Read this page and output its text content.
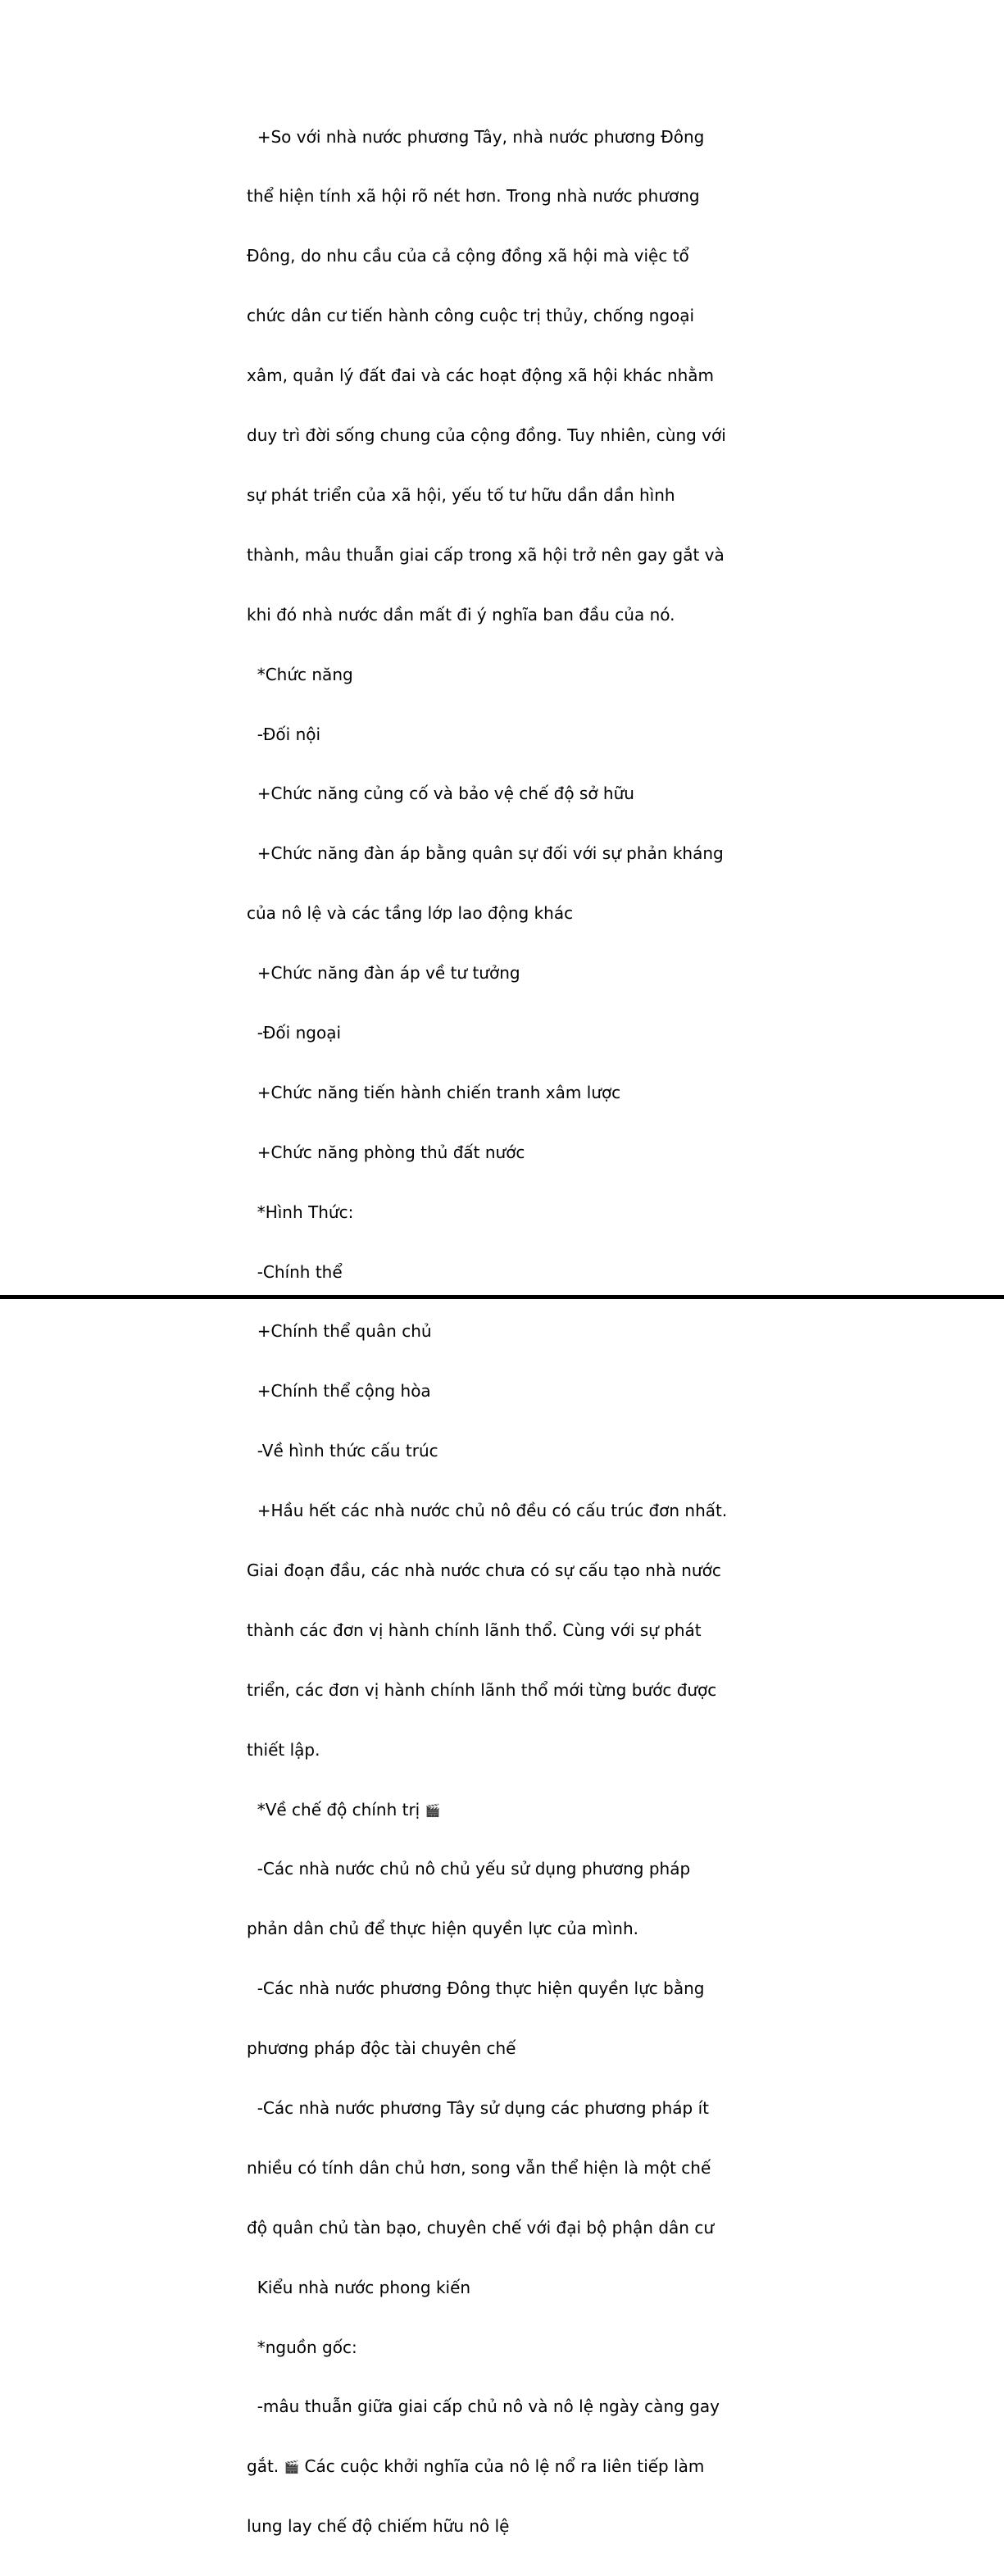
+So với nhà nước phương Tây, nhà nước phương Đông

thể hiện tính xã hội rõ nét hơn. Trong nhà nước phương

Đông, do nhu cầu của cả cộng đồng xã hội mà việc tổ

chức dân cư tiến hành công cuộc trị thủy, chống ngoại

xâm, quản lý đất đai và các hoạt động xã hội khác nhằm

duy trì đời sống chung của cộng đồng. Tuy nhiên, cùng với

sự phát triển của xã hội, yếu tố tư hữu dần dần hình

thành, mâu thuẫn giai cấp trong xã hội trở nên gay gắt và

khi đó nhà nước dần mất đi ý nghĩa ban đầu của nó.

*Chức năng

-Đối nội

+Chức năng củng cố và bảo vệ chế độ sở hữu

+Chức năng đàn áp bằng quân sự đối với sự phản kháng

của nô lệ và các tầng lớp lao động khác

+Chức năng đàn áp về tư tưởng

-Đối ngoại

+Chức năng tiến hành chiến tranh xâm lược

+Chức năng phòng thủ đất nước

*Hình Thức:

-Chính thể

+Chính thể quân chủ

+Chính thể cộng hòa

-Về hình thức cấu trúc

+Hầu hết các nhà nước chủ nô đều có cấu trúc đơn nhất.

Giai đoạn đầu, các nhà nước chưa có sự cấu tạo nhà nước

thành các đơn vị hành chính lãnh thổ. Cùng với sự phát

triển, các đơn vị hành chính lãnh thổ mới từng bước được

thiết lập.

*Về chế độ chính trị 🎬

-Các nhà nước chủ nô chủ yếu sử dụng phương pháp

phản dân chủ để thực hiện quyền lực của mình.

-Các nhà nước phương Đông thực hiện quyền lực bằng

phương pháp độc tài chuyên chế

-Các nhà nước phương Tây sử dụng các phương pháp ít

nhiều có tính dân chủ hơn, song vẫn thể hiện là một chế

độ quân chủ tàn bạo, chuyên chế với đại bộ phận dân cư

Kiểu nhà nước phong kiến

*nguồn gốc:

-mâu thuẫn giữa giai cấp chủ nô và nô lệ ngày càng gay

gắt. 🎬 Các cuộc khởi nghĩa của nô lệ nổ ra liên tiếp làm

lung lay chế độ chiếm hữu nô lệ
